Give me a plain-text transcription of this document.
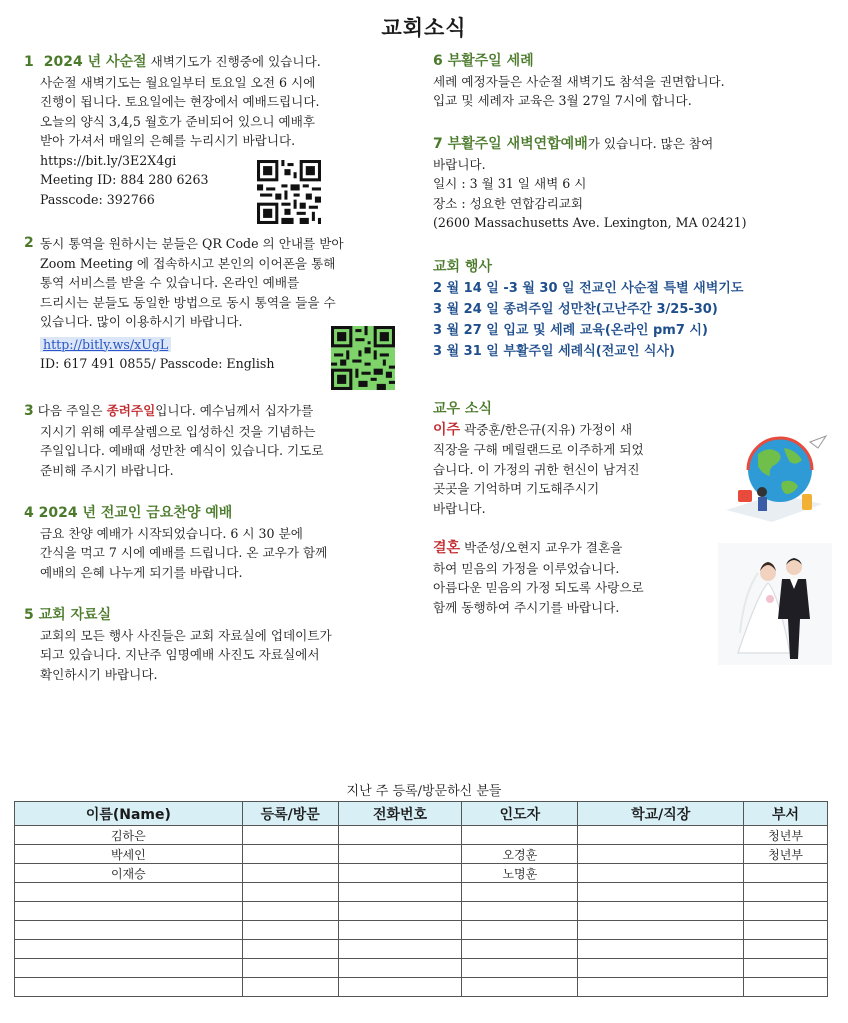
교회소식
1 2024 년 사순절 새벽기도가 진행중에 있습니다.
사순절 새벽기도는 월요일부터 토요일 오전 6 시에
진행이 됩니다. 토요일에는 현장에서 예배드립니다.
오늘의 양식 3,4,5 월호가 준비되어 있으니 예배후
받아 가셔서 매일의 은혜를 누리시기 바랍니다.
https://bit.ly/3E2X4gi
Meeting ID: 884 280 6263
Passcode: 392766
2 동시 통역을 원하시는 분들은 QR Code 의 안내를 받아
Zoom Meeting 에 접속하시고 본인의 이어폰을 통해
통역 서비스를 받을 수 있습니다. 온라인 예배를
드리시는 분들도 동일한 방법으로 동시 통역을 들을 수
있습니다. 많이 이용하시기 바랍니다.
http://bitly.ws/xUgL
ID: 617 491 0855/ Passcode: English
3 다음 주일은 종려주일입니다. 예수님께서 십자가를
지시기 위해 예루살렘으로 입성하신 것을 기념하는
주일입니다. 예배때 성만찬 예식이 있습니다. 기도로
준비해 주시기 바랍니다.
4 2024 년 전교인 금요찬양 예배
금요 찬양 예배가 시작되었습니다. 6 시 30 분에
간식을 먹고 7 시에 예배를 드립니다. 온 교우가 함께
예배의 은혜 나누게 되기를 바랍니다.
5 교회 자료실
교회의 모든 행사 사진들은 교회 자료실에 업데이트가
되고 있습니다. 지난주 임명예배 사진도 자료실에서
확인하시기 바랍니다.
6 부활주일 세례
세례 예정자들은 사순절 새벽기도 참석을 권면합니다.
입교 및 세례자 교육은 3월 27일 7시에 합니다.
7 부활주일 새벽연합예배가 있습니다. 많은 참여
바랍니다.
일시 : 3 월 31 일 새벽 6 시
장소 : 성요한 연합감리교회
(2600 Massachusetts Ave. Lexington, MA 02421)
교회 행사
2 월 14 일 -3 월 30 일 전교인 사순절 특별 새벽기도
3 월 24 일 종려주일 성만찬(고난주간 3/25-30)
3 월 27 일 입교 및 세례 교육(온라인 pm7 시)
3 월 31 일 부활주일 세례식(전교인 식사)
교우 소식
이주 곽중훈/한은규(지유) 가정이 새
직장을 구해 메릴랜드로 이주하게 되었
습니다. 이 가정의 귀한 헌신이 남겨진
곳곳을 기억하며 기도해주시기
바랍니다.
결혼 박준성/오현지 교우가 결혼을
하여 믿음의 가정을 이루었습니다.
아름다운 믿음의 가정 되도록 사랑으로
함께 동행하여 주시기를 바랍니다.
지난 주 등록/방문하신 분들
이름(Name)	등록/방문	전화번호	인도자	학교/직장	부서
김하은					청년부
박세인			오경훈		청년부
이재승			노명훈		
